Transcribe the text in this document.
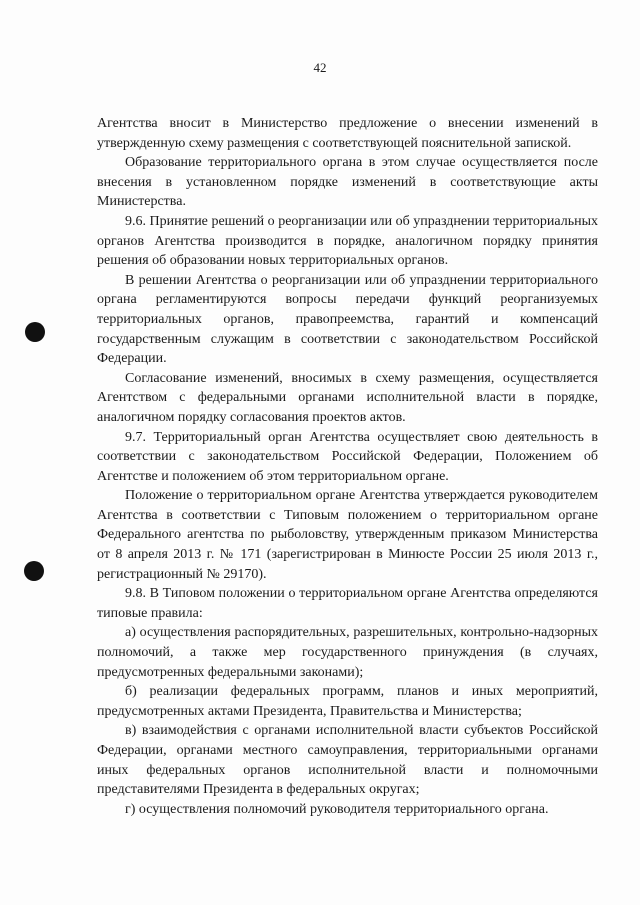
42

Агентства вносит в Министерство предложение о внесении изменений в утвержденную схему размещения с соответствующей пояснительной запиской.

Образование территориального органа в этом случае осуществляется после внесения в установленном порядке изменений в соответствующие акты Министерства.

9.6. Принятие решений о реорганизации или об упразднении территориальных органов Агентства производится в порядке, аналогичном порядку принятия решения об образовании новых территориальных органов.

В решении Агентства о реорганизации или об упразднении территориального органа регламентируются вопросы передачи функций реорганизуемых территориальных органов, правопреемства, гарантий и компенсаций государственным служащим в соответствии с законодательством Российской Федерации.

Согласование изменений, вносимых в схему размещения, осуществляется Агентством с федеральными органами исполнительной власти в порядке, аналогичном порядку согласования проектов актов.

9.7. Территориальный орган Агентства осуществляет свою деятельность в соответствии с законодательством Российской Федерации, Положением об Агентстве и положением об этом территориальном органе.

Положение о территориальном органе Агентства утверждается руководителем Агентства в соответствии с Типовым положением о территориальном органе Федерального агентства по рыболовству, утвержденным приказом Министерства от 8 апреля 2013 г. № 171 (зарегистрирован в Минюсте России 25 июля 2013 г., регистрационный № 29170).

9.8. В Типовом положении о территориальном органе Агентства определяются типовые правила:

а) осуществления распорядительных, разрешительных, контрольно-надзорных полномочий, а также мер государственного принуждения (в случаях, предусмотренных федеральными законами);

б) реализации федеральных программ, планов и иных мероприятий, предусмотренных актами Президента, Правительства и Министерства;

в) взаимодействия с органами исполнительной власти субъектов Российской Федерации, органами местного самоуправления, территориальными органами иных федеральных органов исполнительной власти и полномочными представителями Президента в федеральных округах;

г) осуществления полномочий руководителя территориального органа.
